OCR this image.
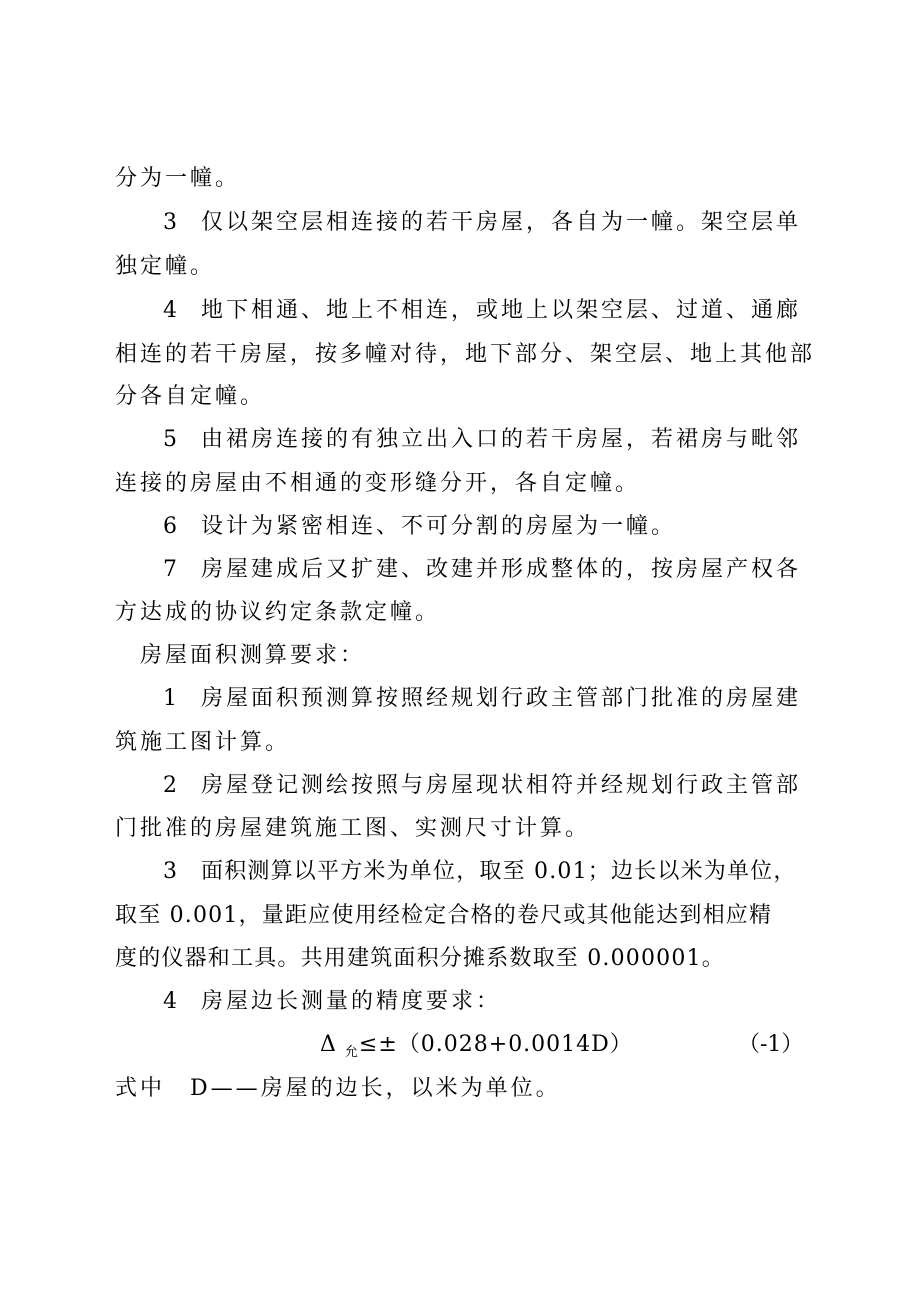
分为一幢。
3 仅以架空层相连接的若干房屋，各自为一幢。架空层单
独定幢。
4 地下相通、地上不相连，或地上以架空层、过道、通廊
相连的若干房屋，按多幢对待，地下部分、架空层、地上其他部
分各自定幢。
5 由裙房连接的有独立出入口的若干房屋，若裙房与毗邻
连接的房屋由不相通的变形缝分开，各自定幢。
6 设计为紧密相连、不可分割的房屋为一幢。
7 房屋建成后又扩建、改建并形成整体的，按房屋产权各
方达成的协议约定条款定幢。
房屋面积测算要求：
1 房屋面积预测算按照经规划行政主管部门批准的房屋建
筑施工图计算。
2 房屋登记测绘按照与房屋现状相符并经规划行政主管部
门批准的房屋建筑施工图、实测尺寸计算。
3 面积测算以平方米为单位，取至 0.01；边长以米为单位，
取至 0.001，量距应使用经检定合格的卷尺或其他能达到相应精
度的仪器和工具。共用建筑面积分摊系数取至 0.000001。
4 房屋边长测量的精度要求：
Δ $_允$≤±（0.028+0.0014D）	（-1）
式中　D——房屋的边长，以米为单位。
